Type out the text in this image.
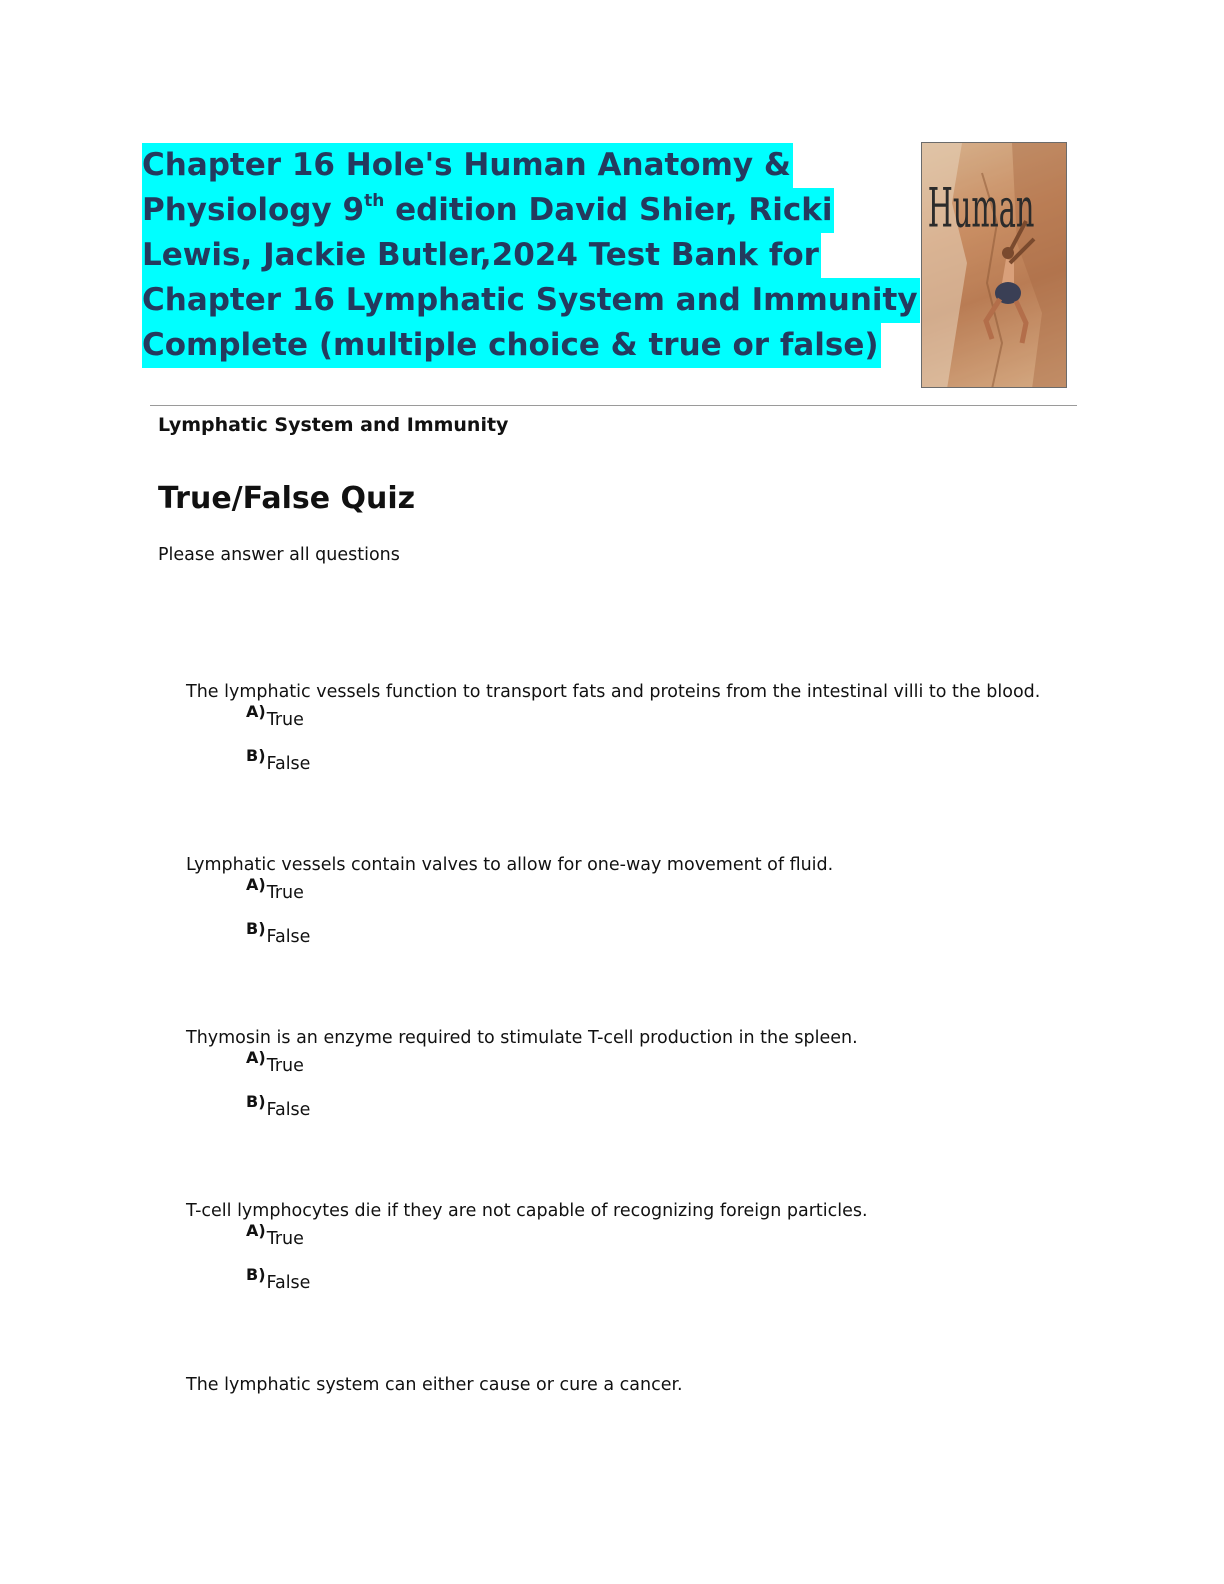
Chapter 16 Hole's Human Anatomy &
Physiology 9th edition David Shier, Ricki
Lewis, Jackie Butler,2024 Test Bank for
Chapter 16 Lymphatic System and Immunity
Complete (multiple choice & true or false)
Human
Lymphatic System and Immunity
True/False Quiz
Please answer all questions
The lymphatic vessels function to transport fats and proteins from the intestinal villi to the blood.
A)True
B)False
Lymphatic vessels contain valves to allow for one-way movement of fluid.
A)True
B)False
Thymosin is an enzyme required to stimulate T-cell production in the spleen.
A)True
B)False
T-cell lymphocytes die if they are not capable of recognizing foreign particles.
A)True
B)False
The lymphatic system can either cause or cure a cancer.
